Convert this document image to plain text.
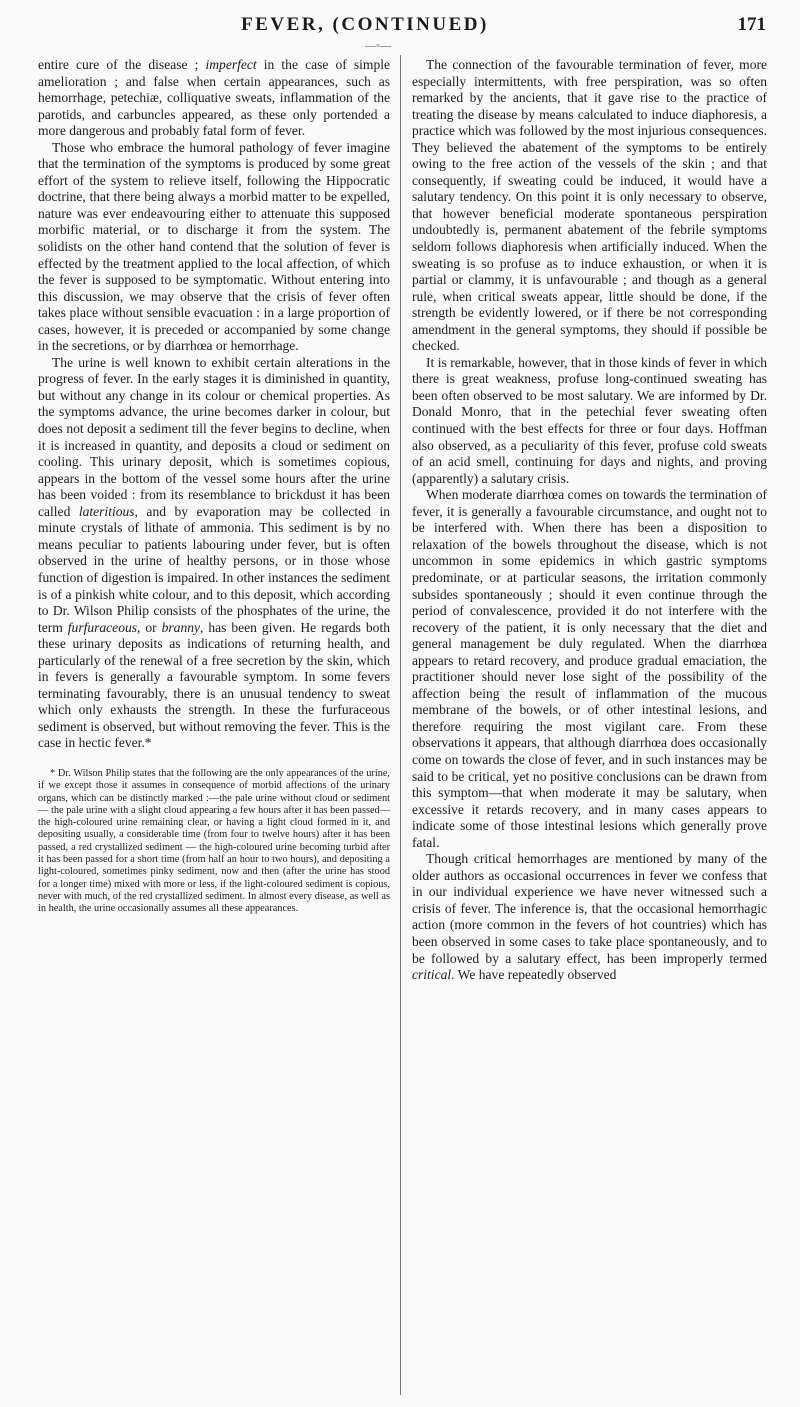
FEVER, (CONTINUED)
—◦—
171

entire cure of the disease ; imperfect in the case of simple amelioration ; and false when certain appearances, such as hemorrhage, petechiæ, colliquative sweats, inflammation of the parotids, and carbuncles appeared, as these only portended a more dangerous and probably fatal form of fever.

Those who embrace the humoral pathology of fever imagine that the termination of the symptoms is produced by some great effort of the system to relieve itself, following the Hippocratic doctrine, that there being always a morbid matter to be expelled, nature was ever endeavouring either to attenuate this supposed morbific material, or to discharge it from the system. The solidists on the other hand contend that the solution of fever is effected by the treatment applied to the local affection, of which the fever is supposed to be symptomatic. Without entering into this discussion, we may observe that the crisis of fever often takes place without sensible evacuation : in a large proportion of cases, however, it is preceded or accompanied by some change in the secretions, or by diarrhœa or hemorrhage.

The urine is well known to exhibit certain alterations in the progress of fever. In the early stages it is diminished in quantity, but without any change in its colour or chemical properties. As the symptoms advance, the urine becomes darker in colour, but does not deposit a sediment till the fever begins to decline, when it is increased in quantity, and deposits a cloud or sediment on cooling. This urinary deposit, which is sometimes copious, appears in the bottom of the vessel some hours after the urine has been voided : from its resemblance to brickdust it has been called lateritious, and by evaporation may be collected in minute crystals of lithate of ammonia. This sediment is by no means peculiar to patients labouring under fever, but is often observed in the urine of healthy persons, or in those whose function of digestion is impaired. In other instances the sediment is of a pinkish white colour, and to this deposit, which according to Dr. Wilson Philip consists of the phosphates of the urine, the term furfuraceous, or branny, has been given. He regards both these urinary deposits as indications of returning health, and particularly of the renewal of a free secretion by the skin, which in fevers is generally a favourable symptom. In some fevers terminating favourably, there is an unusual tendency to sweat which only exhausts the strength. In these the furfuraceous sediment is observed, but without removing the fever. This is the case in hectic fever.*

* Dr. Wilson Philip states that the following are the only appearances of the urine, if we except those it assumes in consequence of morbid affections of the urinary organs, which can be distinctly marked :—the pale urine without cloud or sediment — the pale urine with a slight cloud appearing a few hours after it has been passed—the high-coloured urine remaining clear, or having a light cloud formed in it, and depositing usually, a considerable time (from four to twelve hours) after it has been passed, a red crystallized sediment — the high-coloured urine becoming turbid after it has been passed for a short time (from half an hour to two hours), and depositing a light-coloured, sometimes pinky sediment, now and then (after the urine has stood for a longer time) mixed with more or less, if the light-coloured sediment is copious, never with much, of the red crystallized sediment. In almost every disease, as well as in health, the urine occasionally assumes all these appearances.

The connection of the favourable termination of fever, more especially intermittents, with free perspiration, was so often remarked by the ancients, that it gave rise to the practice of treating the disease by means calculated to induce diaphoresis, a practice which was followed by the most injurious consequences. They believed the abatement of the symptoms to be entirely owing to the free action of the vessels of the skin ; and that consequently, if sweating could be induced, it would have a salutary tendency. On this point it is only necessary to observe, that however beneficial moderate spontaneous perspiration undoubtedly is, permanent abatement of the febrile symptoms seldom follows diaphoresis when artificially induced. When the sweating is so profuse as to induce exhaustion, or when it is partial or clammy, it is unfavourable ; and though as a general rule, when critical sweats appear, little should be done, if the strength be evidently lowered, or if there be not corresponding amendment in the general symptoms, they should if possible be checked.

It is remarkable, however, that in those kinds of fever in which there is great weakness, profuse long-continued sweating has been often observed to be most salutary. We are informed by Dr. Donald Monro, that in the petechial fever sweating often continued with the best effects for three or four days. Hoffman also observed, as a peculiarity of this fever, profuse cold sweats of an acid smell, continuing for days and nights, and proving (apparently) a salutary crisis.

When moderate diarrhœa comes on towards the termination of fever, it is generally a favourable circumstance, and ought not to be interfered with. When there has been a disposition to relaxation of the bowels throughout the disease, which is not uncommon in some epidemics in which gastric symptoms predominate, or at particular seasons, the irritation commonly subsides spontaneously ; should it even continue through the period of convalescence, provided it do not interfere with the recovery of the patient, it is only necessary that the diet and general management be duly regulated. When the diarrhœa appears to retard recovery, and produce gradual emaciation, the practitioner should never lose sight of the possibility of the affection being the result of inflammation of the mucous membrane of the bowels, or of other intestinal lesions, and therefore requiring the most vigilant care. From these observations it appears, that although diarrhœa does occasionally come on towards the close of fever, and in such instances may be said to be critical, yet no positive conclusions can be drawn from this symptom—that when moderate it may be salutary, when excessive it retards recovery, and in many cases appears to indicate some of those intestinal lesions which generally prove fatal.

Though critical hemorrhages are mentioned by many of the older authors as occasional occurrences in fever we confess that in our individual experience we have never witnessed such a crisis of fever. The inference is, that the occasional hemorrhagic action (more common in the fevers of hot countries) which has been observed in some cases to take place spontaneously, and to be followed by a salutary effect, has been improperly termed critical. We have repeatedly observed
